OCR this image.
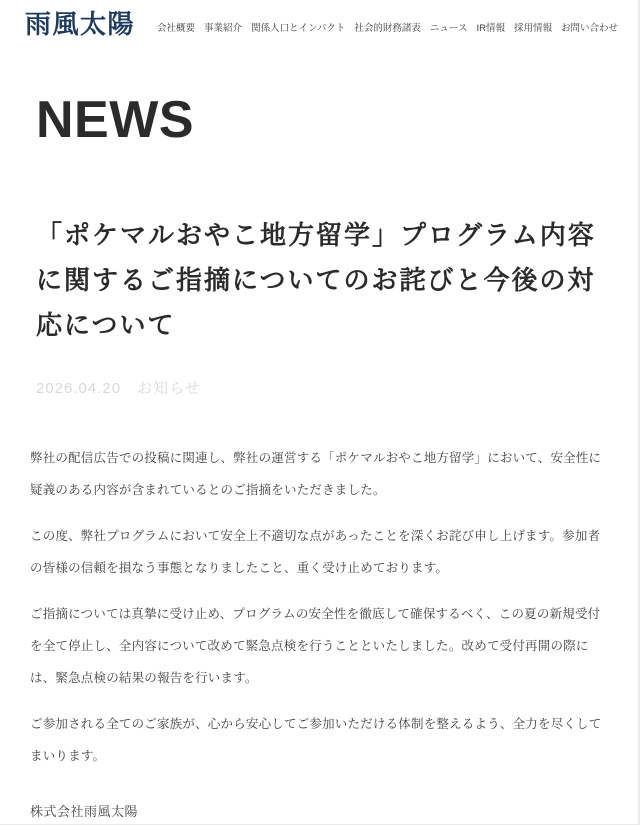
雨風太陽 会社概要 事業紹介 関係人口とインパクト 社会的財務諸表 ニュース IR情報 採用情報 お問い合わせ
NEWS
「ポケマルおやこ地方留学」プログラム内容に関するご指摘についてのお詫びと今後の対応について
2026.04.20 お知らせ

弊社の配信広告での投稿に関連し、弊社の運営する「ポケマルおやこ地方留学」において、安全性に疑義のある内容が含まれているとのご指摘をいただきました。

この度、弊社プログラムにおいて安全上不適切な点があったことを深くお詫び申し上げます。参加者の皆様の信頼を損なう事態となりましたこと、重く受け止めております。

ご指摘については真摯に受け止め、プログラムの安全性を徹底して確保するべく、この夏の新規受付を全て停止し、全内容について改めて緊急点検を行うことといたしました。改めて受付再開の際には、緊急点検の結果の報告を行います。

ご参加される全てのご家族が、心から安心してご参加いただける体制を整えるよう、全力を尽くしてまいります。

株式会社雨風太陽
